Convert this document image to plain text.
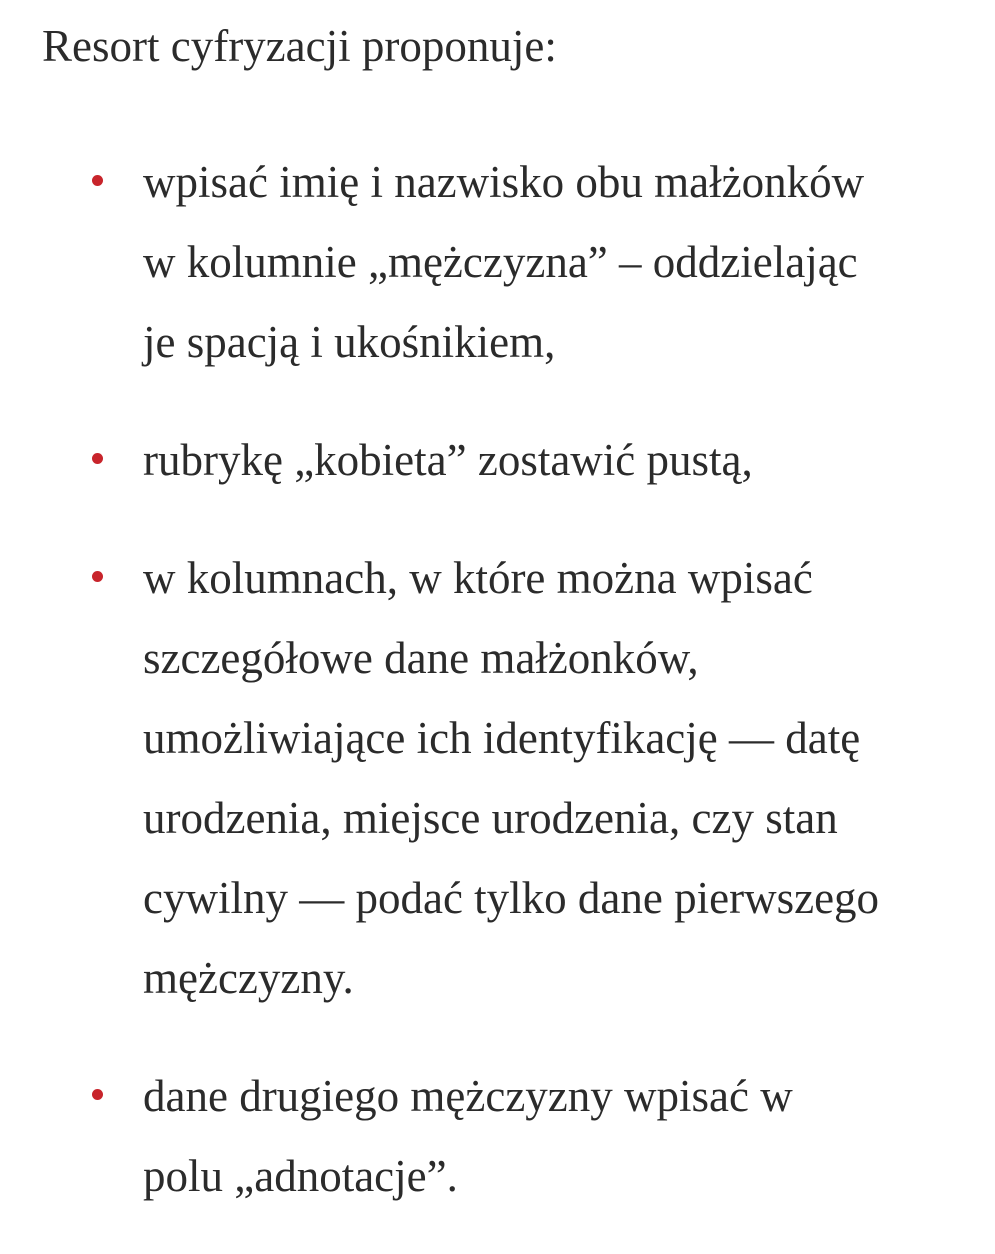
Resort cyfryzacji proponuje:

wpisać imię i nazwisko obu małżonków
w kolumnie „mężczyzna” – oddzielając
je spacją i ukośnikiem,
rubrykę „kobieta” zostawić pustą,
w kolumnach, w które można wpisać
szczegółowe dane małżonków,
umożliwiające ich identyfikację — datę
urodzenia, miejsce urodzenia, czy stan
cywilny — podać tylko dane pierwszego
mężczyzny.
dane drugiego mężczyzny wpisać w
polu „adnotacje”.
